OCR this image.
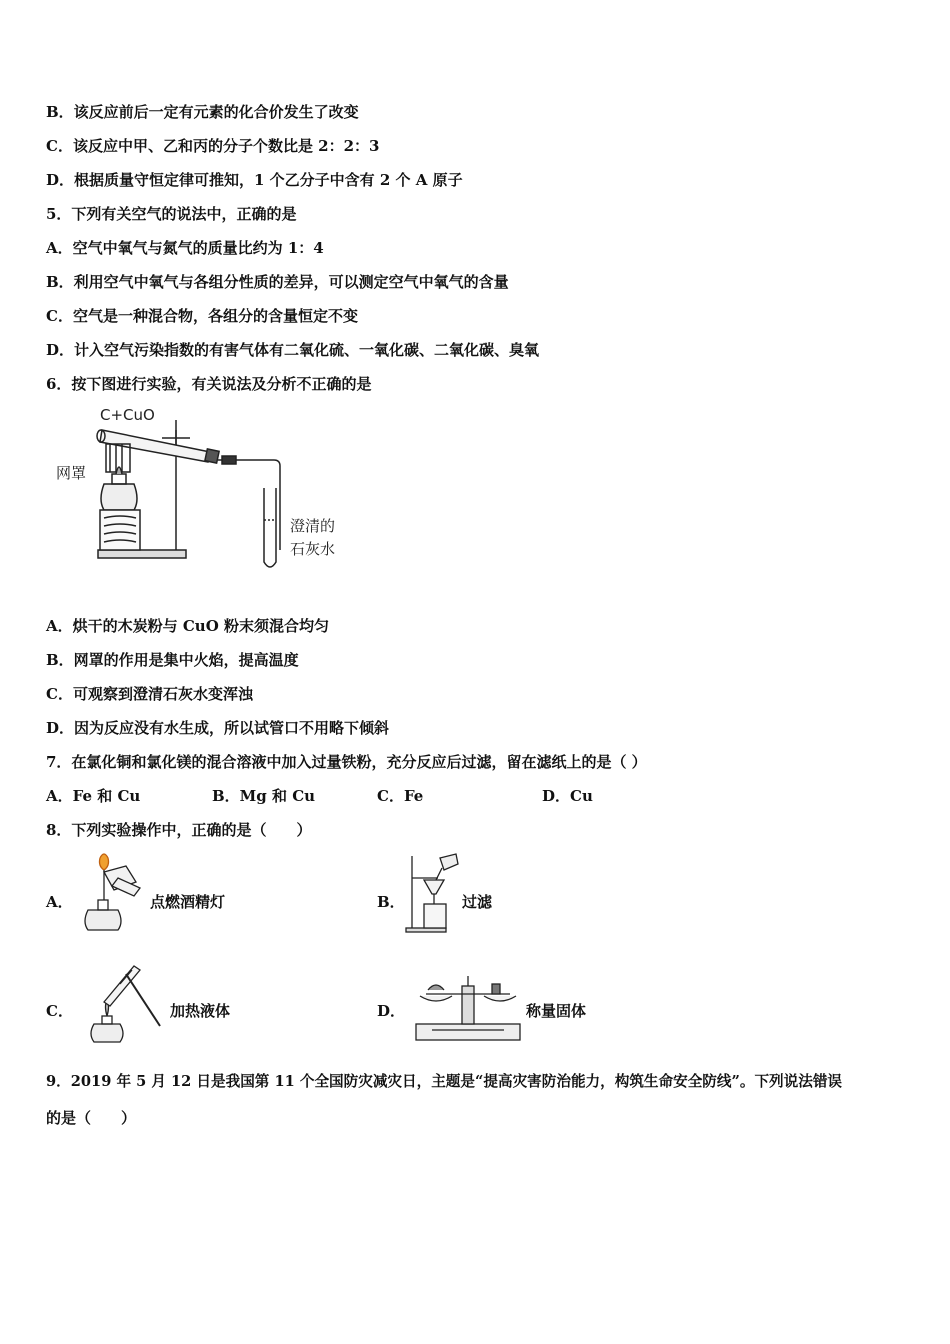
B．该反应前后一定有元素的化合价发生了改变
C．该反应中甲、乙和丙的分子个数比是 2：2：3
D．根据质量守恒定律可推知，1 个乙分子中含有 2 个 A 原子
5．下列有关空气的说法中，正确的是
A．空气中氧气与氮气的质量比约为 1：4
B．利用空气中氧气与各组分性质的差异，可以测定空气中氧气的含量
C．空气是一种混合物，各组分的含量恒定不变
D．计入空气污染指数的有害气体有二氧化硫、一氧化碳、二氧化碳、臭氧
6．按下图进行实验，有关说法及分析不正确的是
C+CuO
网罩
澄清的
石灰水
A．烘干的木炭粉与 CuO 粉末须混合均匀
B．网罩的作用是集中火焰，提高温度
C．可观察到澄清石灰水变浑浊
D．因为反应没有水生成，所以试管口不用略下倾斜
7．在氯化铜和氯化镁的混合溶液中加入过量铁粉，充分反应后过滤，留在滤纸上的是（ ）
A．Fe 和 Cu	B．Mg 和 Cu	C．Fe	D．Cu
8．下列实验操作中，正确的是（　　）
A．	点燃酒精灯	B．	过滤
C．	加热液体	D．	称量固体
9．2019 年 5 月 12 日是我国第 11 个全国防灾减灾日，主题是“提高灾害防治能力，构筑生命安全防线”。下列说法错误
的是（　　）
